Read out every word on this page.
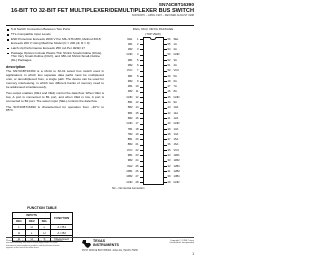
SN74CBT16390
16-BIT TO 32-BIT FET MULTIPLEXER/DEMULTIPLEXER BUS SWITCH
SCDS037C – APRIL 1997 – REVISED AUGUST 1998

5-Ω Switch Connection Between Two Ports

TTL-Compatible Input Levels

ESD Protection Exceeds 2000 V Per MIL-STD-883, Method 3015; Exceeds 200 V Using Machine Model (C = 200 pF, R = 0)

Latch-Up Performance Exceeds 250 mA Per JESD 17

Package Options Include Plastic Thin Shrink Small-Outline (DGG), Thin Very Small-Outline (DGV), and 380-mil Shrink Small-Outline (DL) Packages

description

The SN74CBT16390 is a 16-bit to 32-bit select bus switch used in applications in which two separate data paths must be multiplexed onto, or demultiplexed from, a single path. The device can be used for memory interleaving, in which two different banks of memory need to be addressed simultaneously.

Two output enables (OE1 and OE2) control the data flow. When OE1 is low, A port is connected to B1 port, and when OE2 is low, A port is connected to B2 port. The select input (SEL) controls the data flow.

The SN74CBT16390 is characterized for operation from –40°C to 85°C.

DGG, DGV, OR DL PACKAGE
(TOP VIEW)
OE1	1
1B1	2
1B2	3
GND	4
2B1	5
2B2	6
VCC	7
3B1	8
3B2	9
4B1	10
4B2	11
GND	12
5B1	13
5B2	14
6B1	15
6B2	16
GND	17
7B1	18
7B2	19
8B1	20
8B2	21
VCC	22
9B1	23
9B2	24
OE2	25
10B1	26
10B2	27
GND	28
56	SEL
55	1A
54	2A
53	GND
52	3A
51	4A
50	VCC
49	5A
48	6A
47	7A
46	8A
45	GND
44	9A
43	10A
42	11A
41	12A
40	GND
39	13A
38	14A
37	15A
36	16A
35	VCC
34	11B1
33	11B2
32	12B1
31	12B2
30	13B1
29	GND
NC – No internal connection
FUNCTION TABLE
INPUTS			FUNCTION
OE1	OE2	SEL	
L	H	L	A = B1
H	L	H	A = B2
H	H	X	Disconnect
Please be aware that an important notice concerning availability, standard warranty, and use in critical applications of Texas Instruments semiconductor products and disclaimers thereto appears at the end of this data sheet.
TEXAS
INSTRUMENTS
POST OFFICE BOX 655303 • DALLAS, TEXAS 75265
Copyright © 1998, Texas Instruments Incorporated
1
